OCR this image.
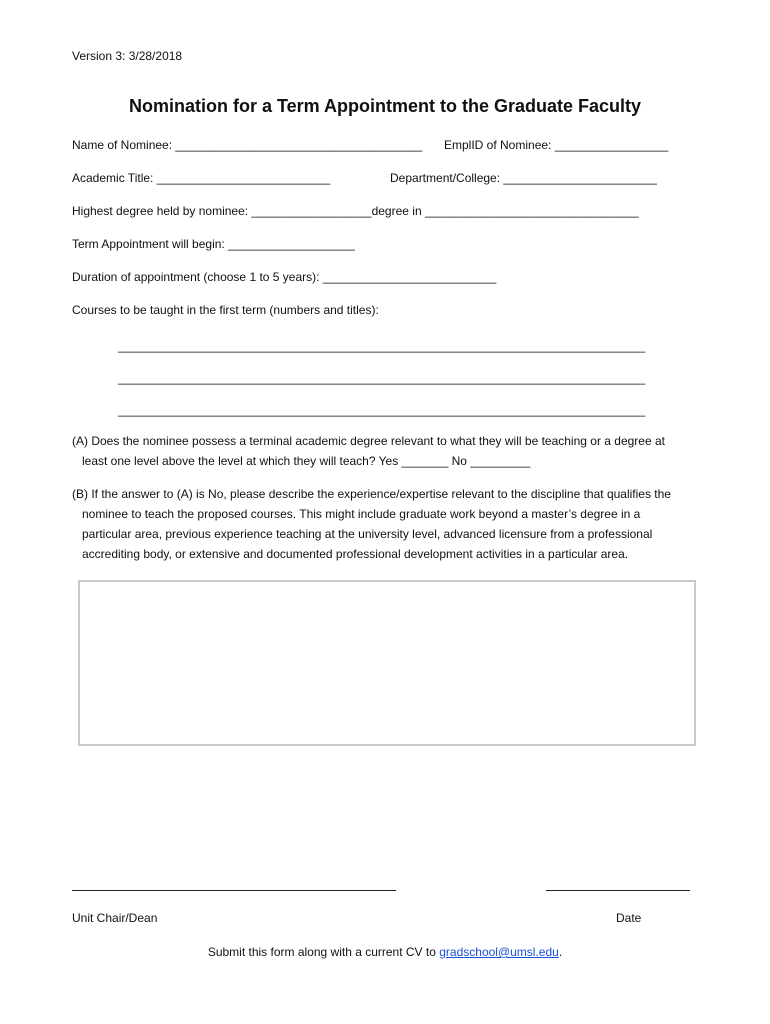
Version 3: 3/28/2018
Nomination for a Term Appointment to the Graduate Faculty
Name of Nominee: _____________________________________ EmplID of Nominee: _________________
Academic Title: __________________________	Department/College: _______________________
Highest degree held by nominee: __________________degree in ________________________________
Term Appointment will begin: ___________________
Duration of appointment (choose 1 to 5 years): __________________________
Courses to be taught in the first term (numbers and titles):
_______________________________________________________________________________
_______________________________________________________________________________
_______________________________________________________________________________
(A) Does the nominee possess a terminal academic degree relevant to what they will be teaching or a degree at
least one level above the level at which they will teach? Yes _______ No _________
(B) If the answer to (A) is No, please describe the experience/expertise relevant to the discipline that qualifies the
nominee to teach the proposed courses. This might include graduate work beyond a master’s degree in a
particular area, previous experience teaching at the university level, advanced licensure from a professional
accrediting body, or extensive and documented professional development activities in a particular area.
Unit Chair/Dean	Date
Submit this form along with a current CV to gradschool@umsl.edu.
